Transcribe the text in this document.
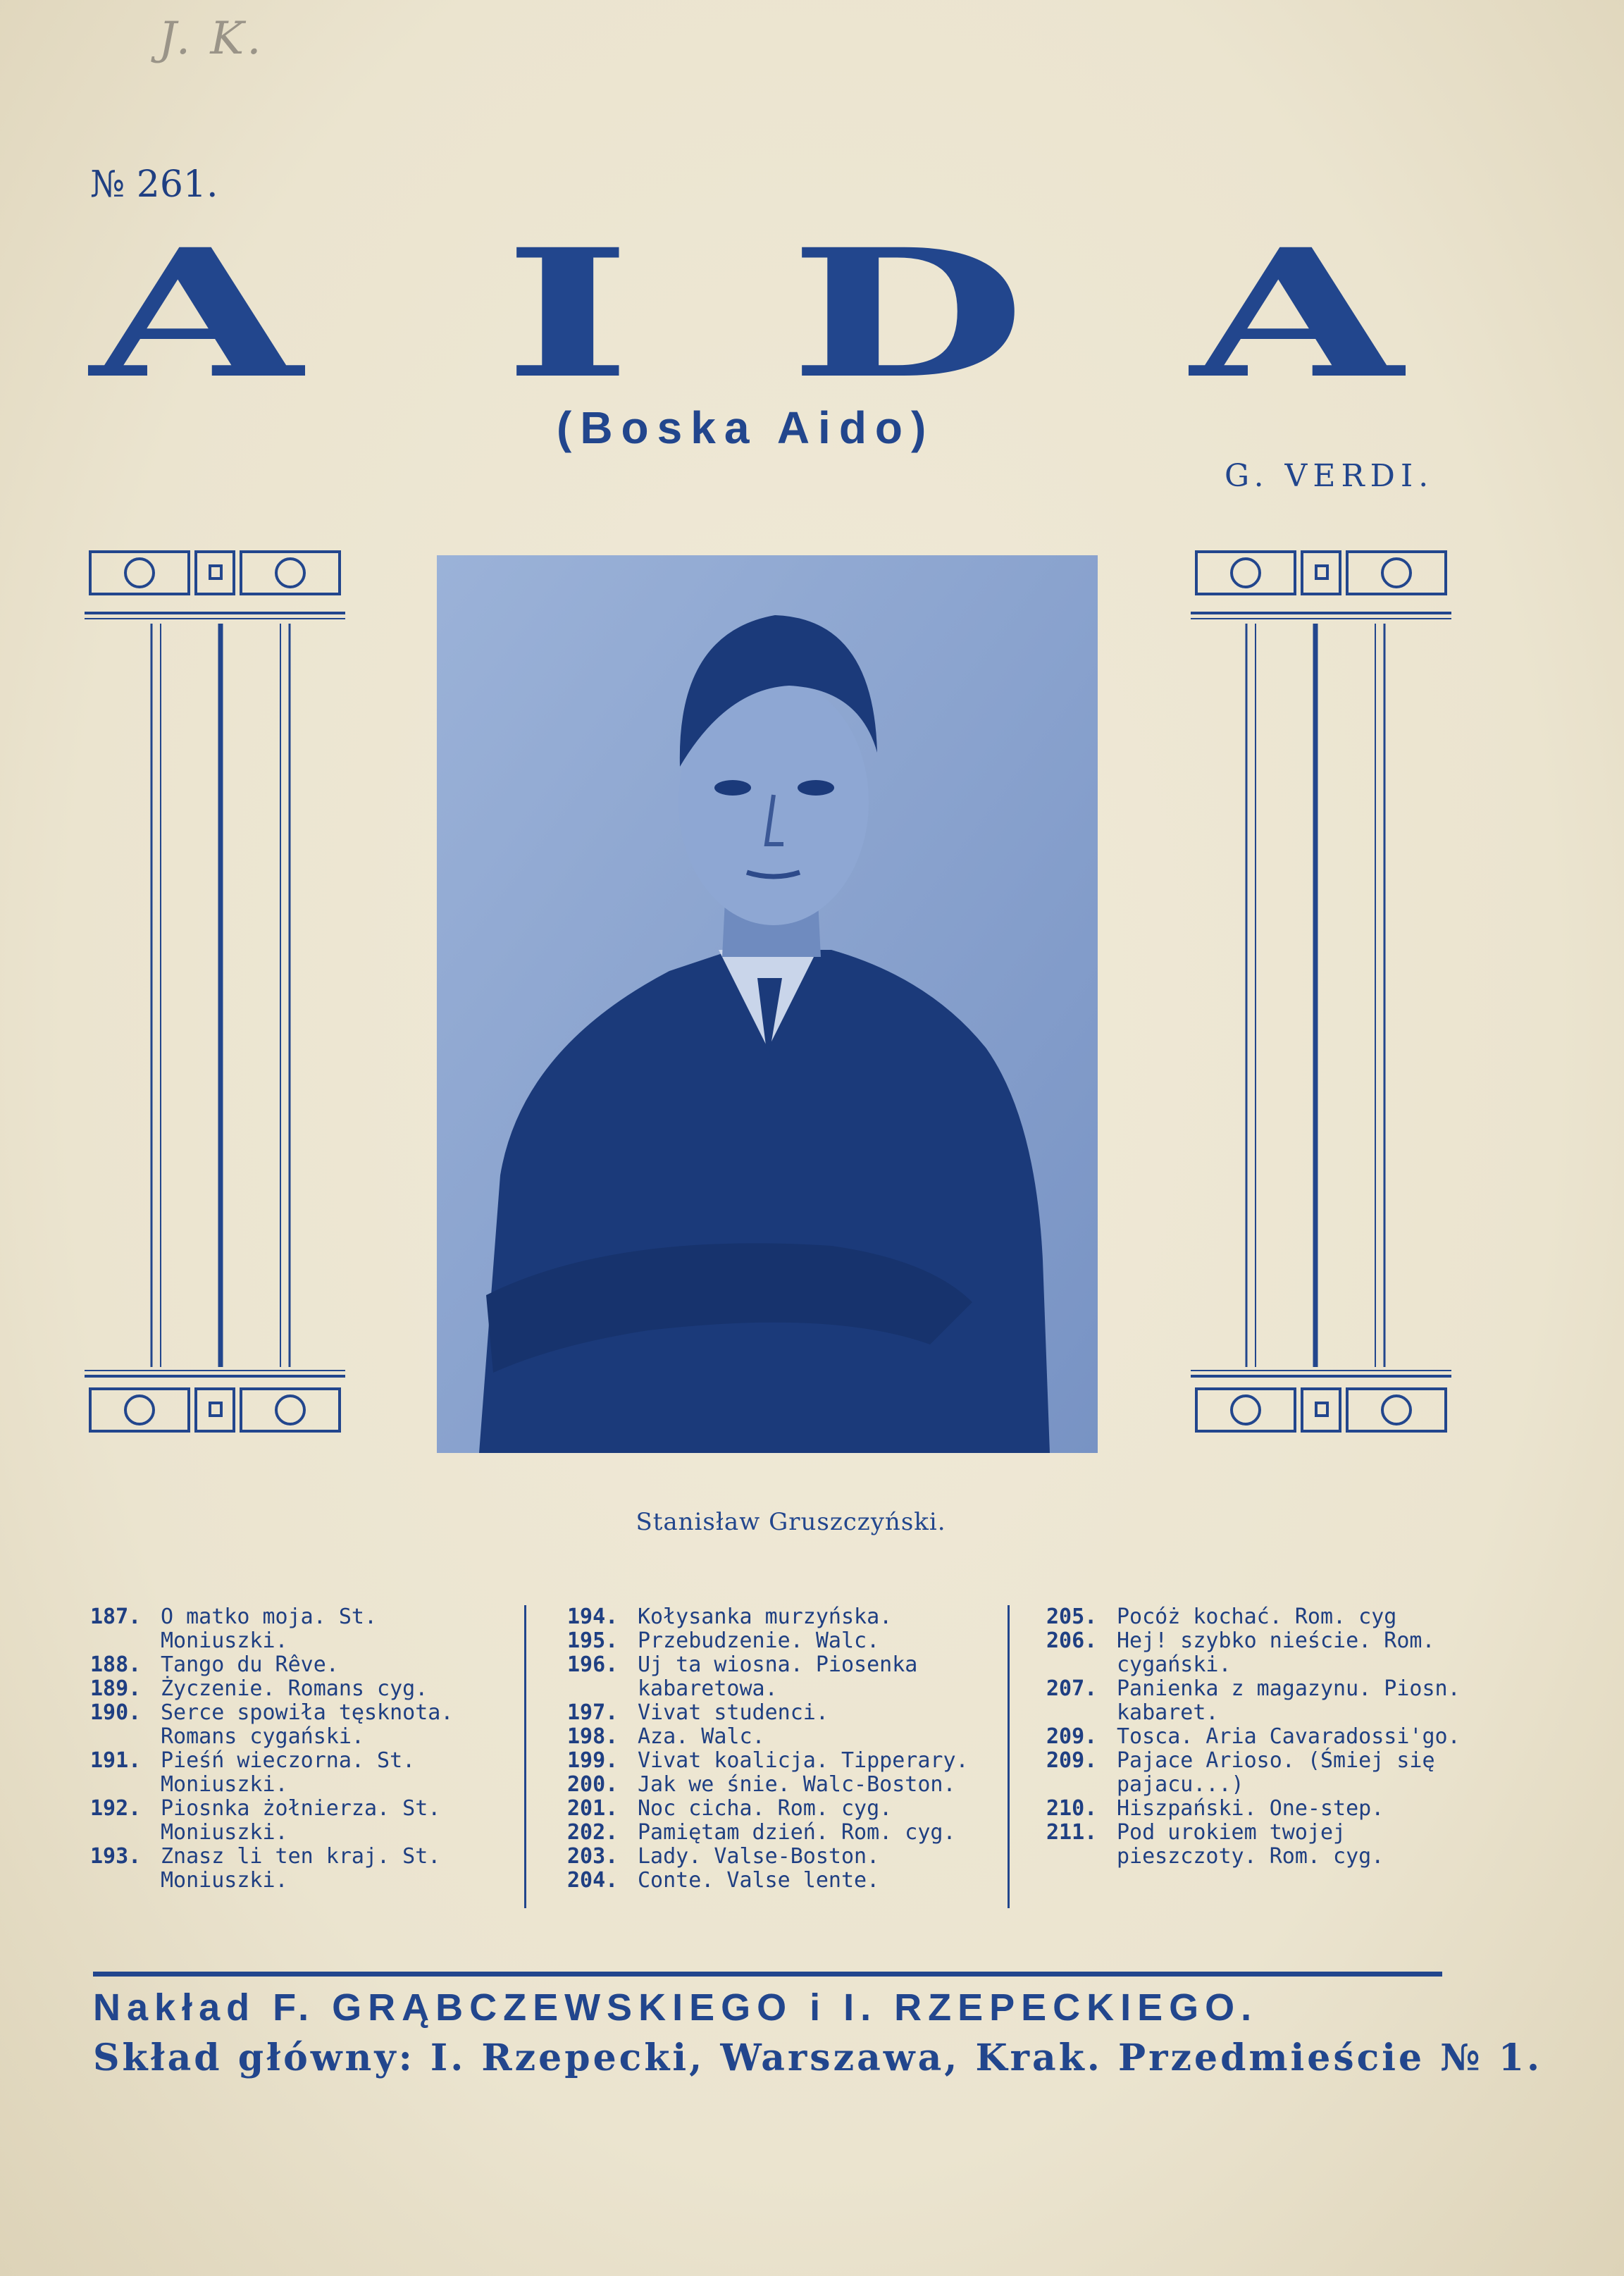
J. K.
№ 261.
A I D A
(Boska Aido)
G. VERDI.
Stanisław Gruszczyński.
187. O matko moja. St. Moniuszki.
188. Tango du Rêve.
189. Życzenie. Romans cyg.
190. Serce spowiła tęsknota. Romans cygański.
191. Pieśń wieczorna. St. Moniuszki.
192. Piosnka żołnierza. St. Moniuszki.
193. Znasz li ten kraj. St. Moniuszki.
194. Kołysanka murzyńska.
195. Przebudzenie. Walc.
196. Uj ta wiosna. Piosenka kabaretowa.
197. Vivat studenci.
198. Aza. Walc.
199. Vivat koalicja. Tipperary.
200. Jak we śnie. Walc-Boston.
201. Noc cicha. Rom. cyg.
202. Pamiętam dzień. Rom. cyg.
203. Lady. Valse-Boston.
204. Conte. Valse lente.
205. Pocóż kochać. Rom. cyg
206. Hej! szybko nieście. Rom. cygański.
207. Panienka z magazynu. Piosn. kabaret.
209. Tosca. Aria Cavaradossi'go.
209. Pajace Arioso. (Śmiej się pajacu...)
210. Hiszpański. One-step.
211. Pod urokiem twojej pieszczoty. Rom. cyg.
Nakład F. GRĄBCZEWSKIEGO i I. RZEPECKIEGO.
Skład główny: I. Rzepecki, Warszawa, Krak. Przedmieście № 1.
